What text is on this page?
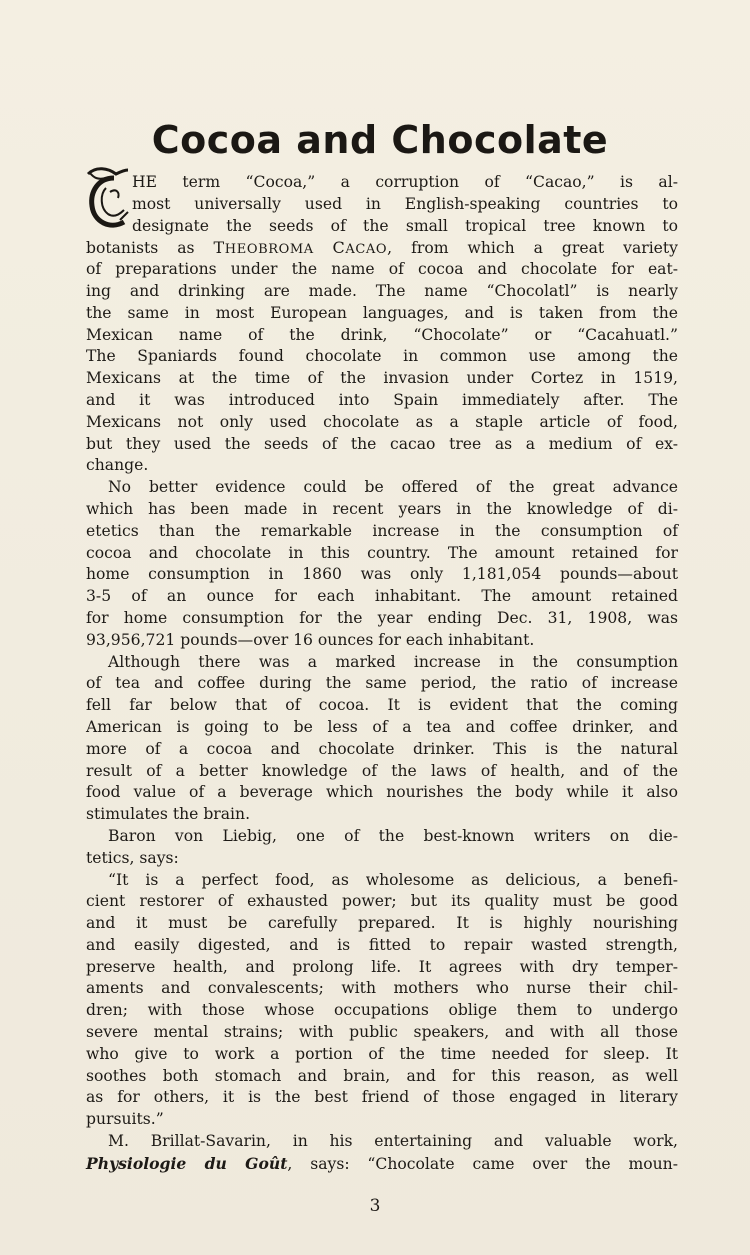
Cocoa and Chocolate
HE term “Cocoa,” a corruption of “Cacao,” is al-
most universally used in English-speaking countries to
designate the seeds of the small tropical tree known to
botanists as THEOBROMA CACAO, from which a great variety
of preparations under the name of cocoa and chocolate for eat-
ing and drinking are made. The name “Chocolatl” is nearly
the same in most European languages, and is taken from the
Mexican name of the drink, “Chocolate” or “Cacahuatl.”
The Spaniards found chocolate in common use among the
Mexicans at the time of the invasion under Cortez in 1519,
and it was introduced into Spain immediately after. The
Mexicans not only used chocolate as a staple article of food,
but they used the seeds of the cacao tree as a medium of ex-
change.
No better evidence could be offered of the great advance
which has been made in recent years in the knowledge of di-
etetics than the remarkable increase in the consumption of
cocoa and chocolate in this country. The amount retained for
home consumption in 1860 was only 1,181,054 pounds—about
3-5 of an ounce for each inhabitant. The amount retained
for home consumption for the year ending Dec. 31, 1908, was
93,956,721 pounds—over 16 ounces for each inhabitant.
Although there was a marked increase in the consumption
of tea and coffee during the same period, the ratio of increase
fell far below that of cocoa. It is evident that the coming
American is going to be less of a tea and coffee drinker, and
more of a cocoa and chocolate drinker. This is the natural
result of a better knowledge of the laws of health, and of the
food value of a beverage which nourishes the body while it also
stimulates the brain.
Baron von Liebig, one of the best-known writers on die-
tetics, says:
“It is a perfect food, as wholesome as delicious, a benefi-
cient restorer of exhausted power; but its quality must be good
and it must be carefully prepared. It is highly nourishing
and easily digested, and is fitted to repair wasted strength,
preserve health, and prolong life. It agrees with dry temper-
aments and convalescents; with mothers who nurse their chil-
dren; with those whose occupations oblige them to undergo
severe mental strains; with public speakers, and with all those
who give to work a portion of the time needed for sleep. It
soothes both stomach and brain, and for this reason, as well
as for others, it is the best friend of those engaged in literary
pursuits.”
M. Brillat-Savarin, in his entertaining and valuable work,
Physiologie du Goût, says: “Chocolate came over the moun-
3
